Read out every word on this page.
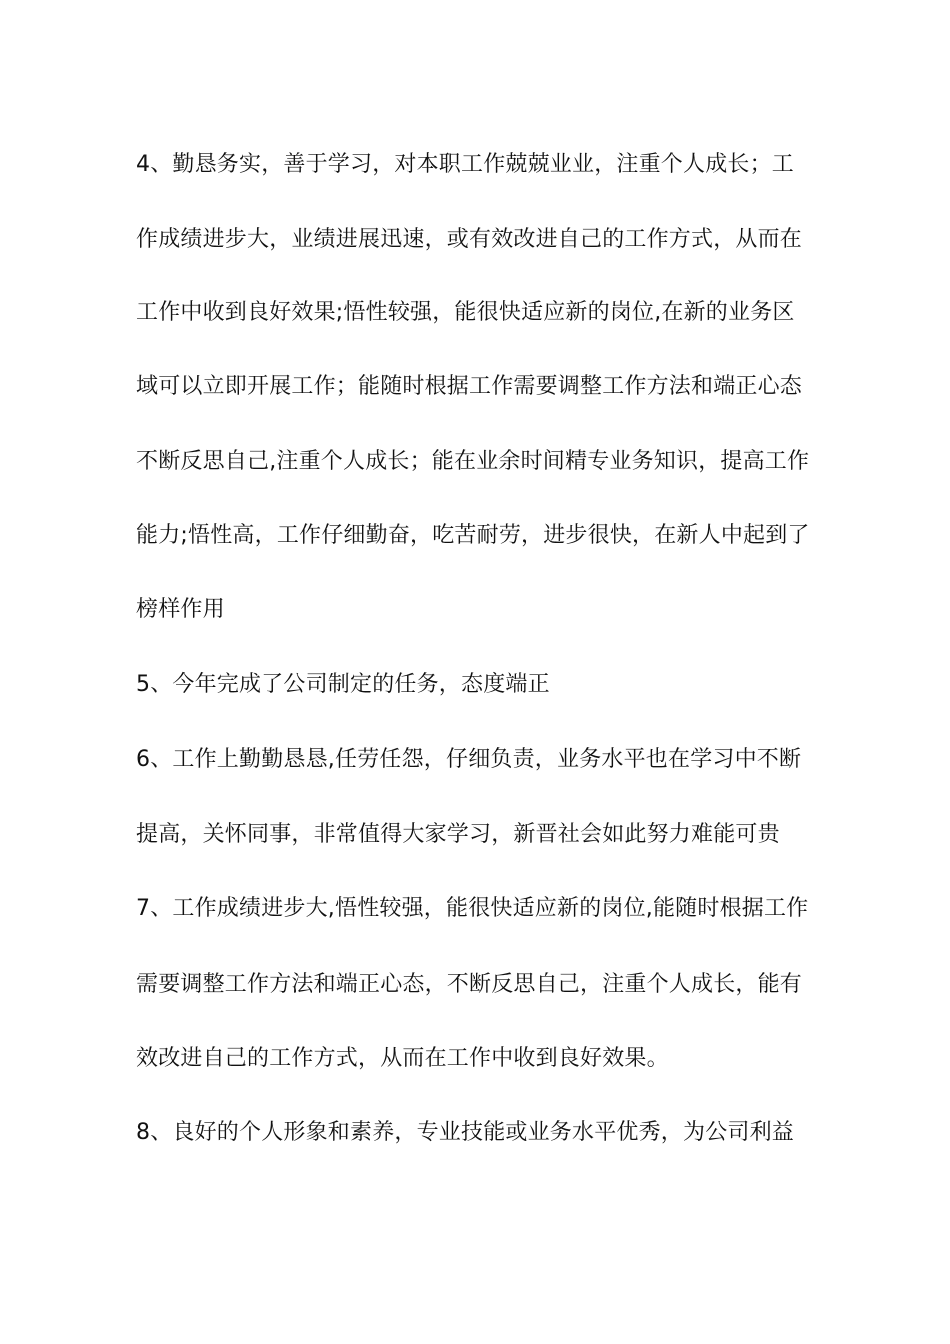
4、勤恳务实，善于学习，对本职工作兢兢业业，注重个人成长；工
作成绩进步大，业绩进展迅速，或有效改进自己的工作方式，从而在
工作中收到良好效果;悟性较强，能很快适应新的岗位,在新的业务区
域可以立即开展工作；能随时根据工作需要调整工作方法和端正心态
不断反思自己,注重个人成长；能在业余时间精专业务知识，提高工作
能力;悟性高，工作仔细勤奋，吃苦耐劳，进步很快，在新人中起到了
榜样作用
5、今年完成了公司制定的任务，态度端正
6、工作上勤勤恳恳,任劳任怨，仔细负责，业务水平也在学习中不断
提高，关怀同事，非常值得大家学习，新晋社会如此努力难能可贵
7、工作成绩进步大,悟性较强，能很快适应新的岗位,能随时根据工作
需要调整工作方法和端正心态，不断反思自己，注重个人成长，能有
效改进自己的工作方式，从而在工作中收到良好效果。
8、良好的个人形象和素养，专业技能或业务水平优秀，为公司利益
